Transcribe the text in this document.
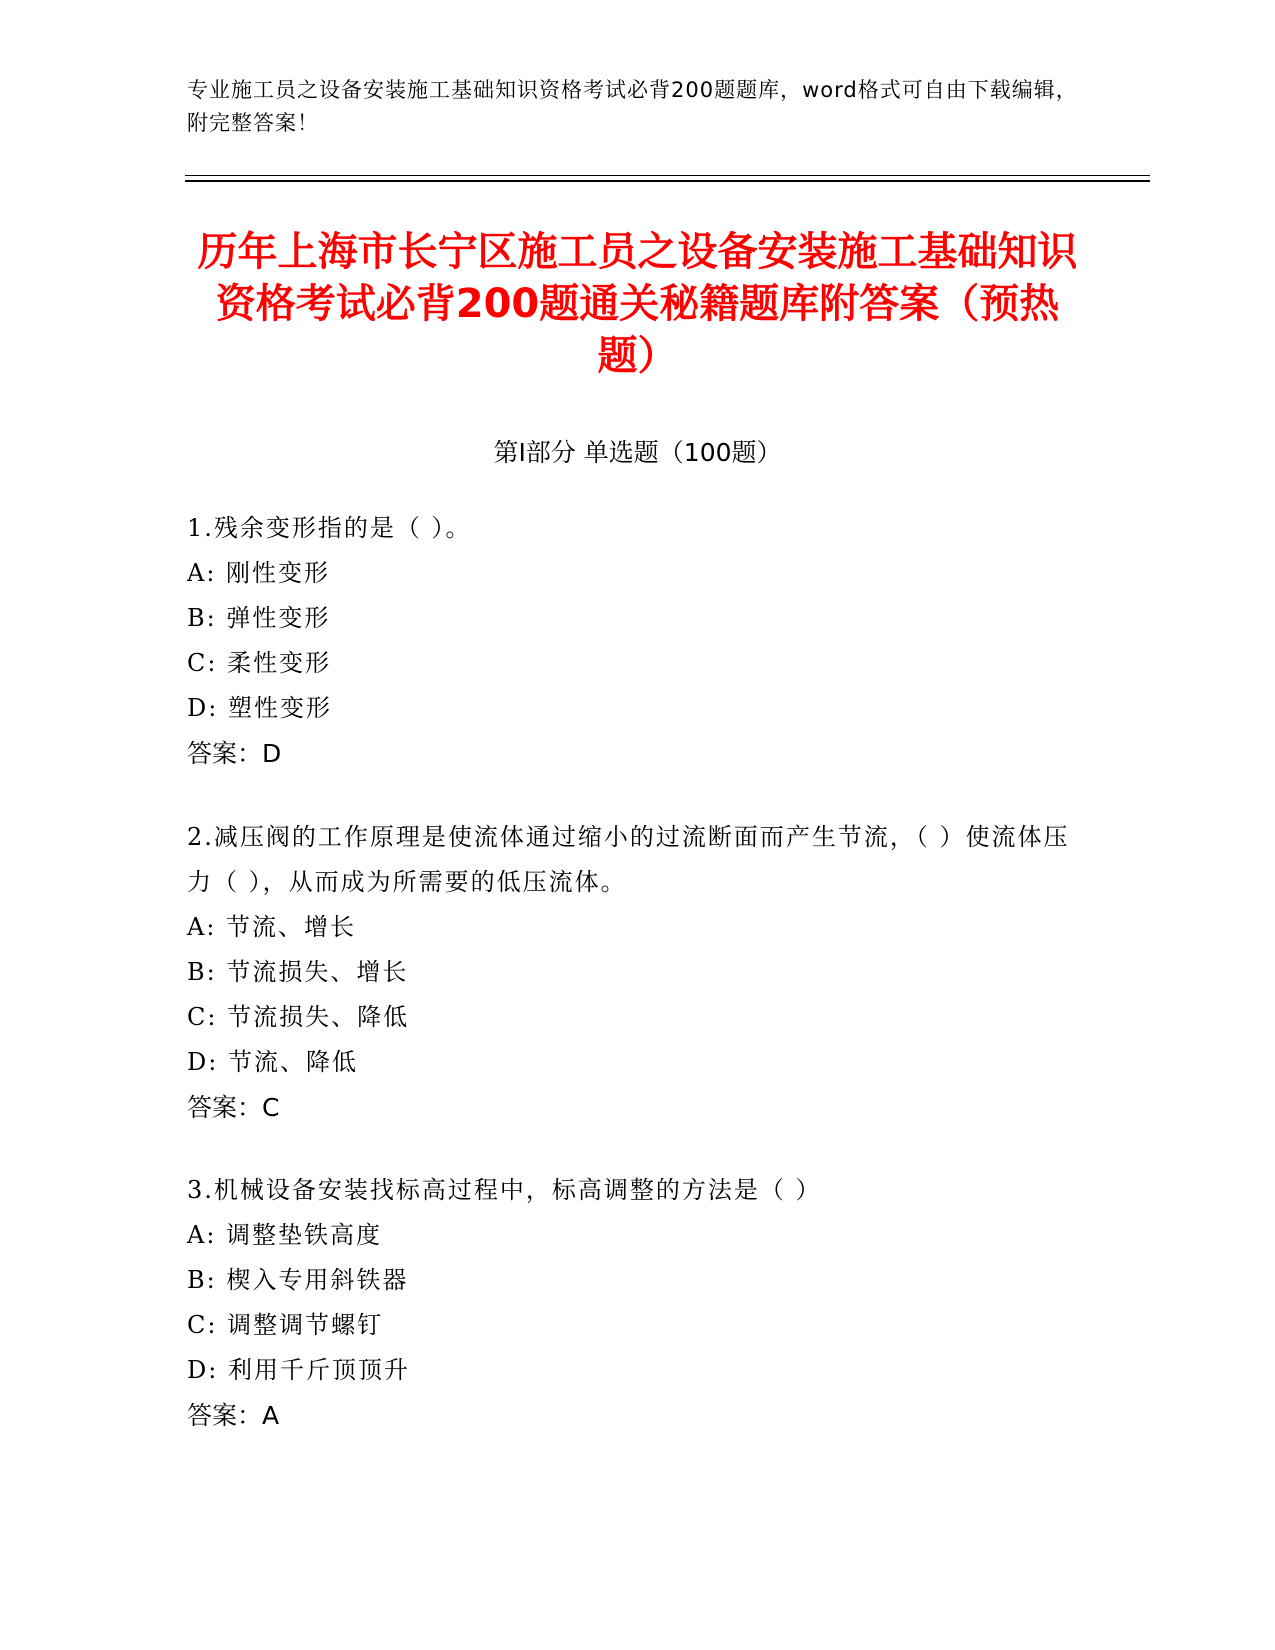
专业施工员之设备安装施工基础知识资格考试必背200题题库，word格式可自由下载编辑，附完整答案！
历年上海市长宁区施工员之设备安装施工基础知识资格考试必背200题通关秘籍题库附答案（预热题）
第Ⅰ部分 单选题（100题）
1.残余变形指的是（ ）。
A: 刚性变形
B: 弹性变形
C: 柔性变形
D: 塑性变形
答案：D
2.减压阀的工作原理是使流体通过缩小的过流断面而产生节流，（ ）使流体压力（ ），从而成为所需要的低压流体。
A: 节流、增长
B: 节流损失、增长
C: 节流损失、降低
D: 节流、降低
答案：C
3.机械设备安装找标高过程中，标高调整的方法是（ ）
A: 调整垫铁高度
B: 楔入专用斜铁器
C: 调整调节螺钉
D: 利用千斤顶顶升
答案：A
